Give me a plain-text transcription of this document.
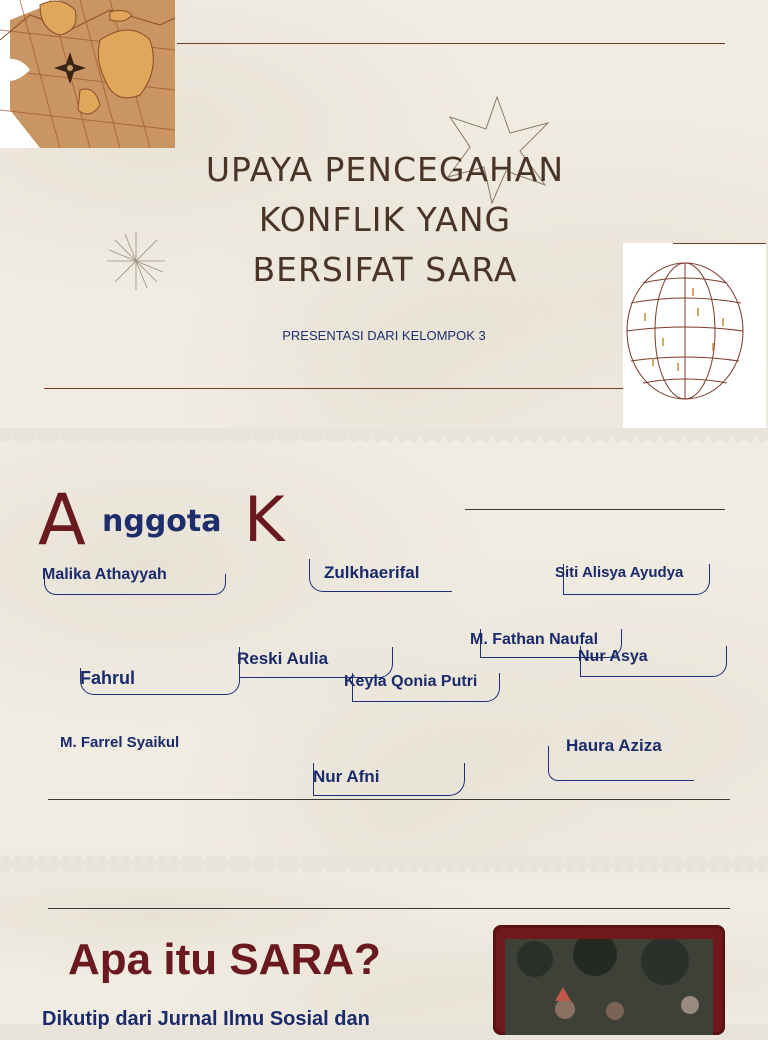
UPAYA PENCEGAHAN
KONFLIK YANG
BERSIFAT SARA
PRESENTASI DARI KELOMPOK 3
A nggota K
Malika Athayyah	Zulkhaerifal	Siti Alisya Ayudya
M. Fathan Naufal
Nur Asya
Reski Aulia
Fahrul	Keyla Qonia Putri
M. Farrel Syaikul	Haura Aziza
Nur Afni
Apa itu SARA?
Dikutip dari Jurnal Ilmu Sosial dan
